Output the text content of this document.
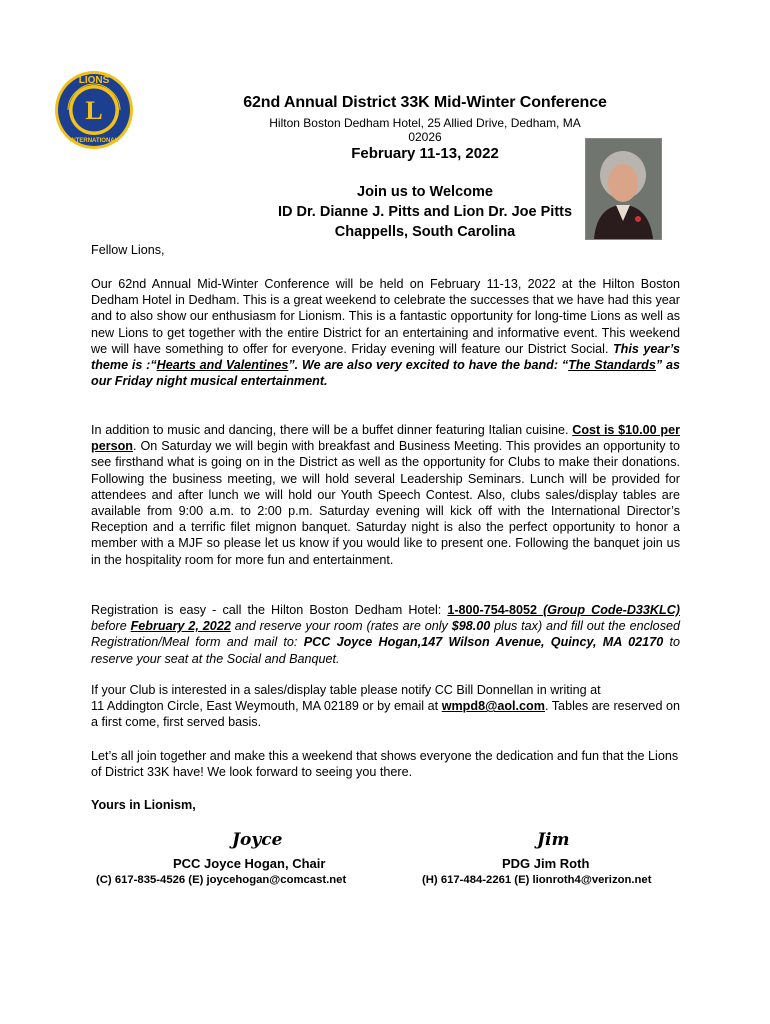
LIONS
L
INTERNATIONAL
62nd Annual District 33K Mid-Winter Conference
Hilton Boston Dedham Hotel, 25 Allied Drive, Dedham, MA
02026
February 11-13, 2022
Join us to Welcome
ID Dr. Dianne J. Pitts and Lion Dr. Joe Pitts
Chappells, South Carolina
Fellow Lions,
Our 62nd Annual Mid-Winter Conference will be held on February 11-13, 2022 at the Hilton Boston Dedham Hotel in Dedham. This is a great weekend to celebrate the successes that we have had this year and to also show our enthusiasm for Lionism. This is a fantastic opportunity for long-time Lions as well as new Lions to get together with the entire District for an entertaining and informative event. This weekend we will have something to offer for everyone. Friday evening will feature our District Social. This year’s theme is :“Hearts and Valentines”. We are also very excited to have the band: “The Standards” as our Friday night musical entertainment.
In addition to music and dancing, there will be a buffet dinner featuring Italian cuisine. Cost is $10.00 per person. On Saturday we will begin with breakfast and Business Meeting. This provides an opportunity to see firsthand what is going on in the District as well as the opportunity for Clubs to make their donations. Following the business meeting, we will hold several Leadership Seminars. Lunch will be provided for attendees and after lunch we will hold our Youth Speech Contest. Also, clubs sales/display tables are available from 9:00 a.m. to 2:00 p.m. Saturday evening will kick off with the International Director’s Reception and a terrific filet mignon banquet. Saturday night is also the perfect opportunity to honor a member with a MJF so please let us know if you would like to present one. Following the banquet join us in the hospitality room for more fun and entertainment.
Registration is easy - call the Hilton Boston Dedham Hotel: 1-800-754-8052 (Group Code-D33KLC) before February 2, 2022 and reserve your room (rates are only $98.00 plus tax) and fill out the enclosed Registration/Meal form and mail to: PCC Joyce Hogan,147 Wilson Avenue, Quincy, MA 02170 to reserve your seat at the Social and Banquet.
If your Club is interested in a sales/display table please notify CC Bill Donnellan in writing at
11 Addington Circle, East Weymouth, MA 02189 or by email at wmpd8@aol.com. Tables are reserved on a first come, first served basis.
Let’s all join together and make this a weekend that shows everyone the dedication and fun that the Lions of District 33K have! We look forward to seeing you there.
Yours in Lionism,
Joyce	Jim
PCC Joyce Hogan, Chair	PDG Jim Roth
(C) 617-835-4526 (E) joycehogan@comcast.net	(H) 617-484-2261 (E) lionroth4@verizon.net
